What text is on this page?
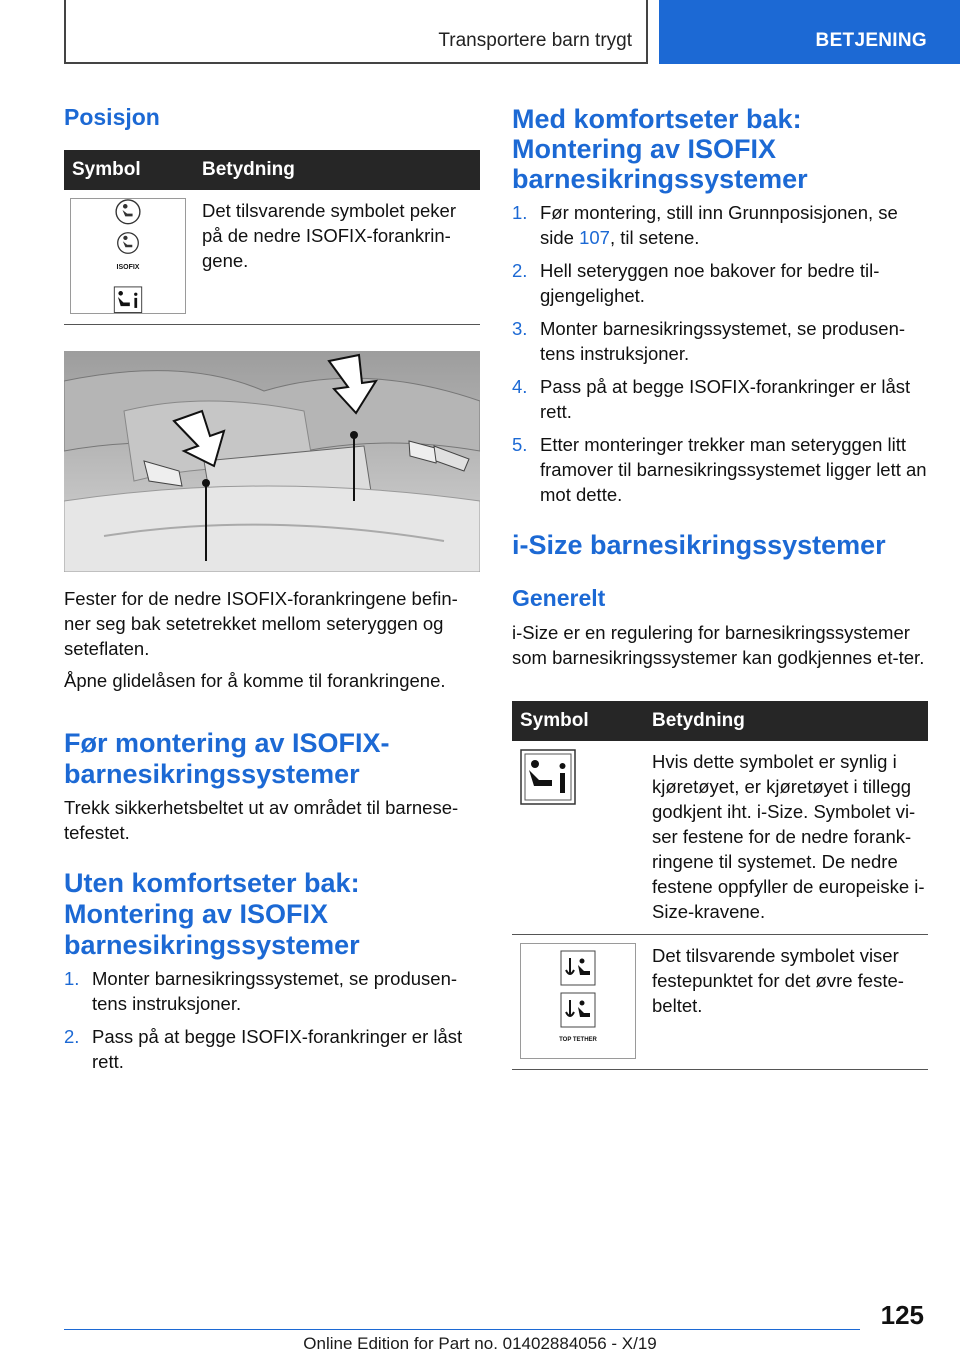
Transportere barn trygt	BETJENING
Posisjon
Symbol	Betydning

ISOFIX	Det tilsvarende symbolet peker på de nedre ISOFIX-forankrin-gene.
Fester for de nedre ISOFIX-forankringene befin-ner seg bak setetrekket mellom seteryggen og seteflaten.
Åpne glidelåsen for å komme til forankringene.
Før montering av ISOFIX-barnesikringssystemer
Trekk sikkerhetsbeltet ut av området til barnese-tefestet.
Uten komfortseter bak: Montering av ISOFIX barnesikringssystemer
1. Monter barnesikringssystemet, se produsen-tens instruksjoner.
2. Pass på at begge ISOFIX-forankringer er låst rett.
Med komfortseter bak: Montering av ISOFIX barnesikringssystemer
1. Før montering, still inn Grunnposisjonen, se side 107, til setene.
2. Hell seteryggen noe bakover for bedre til-gjengelighet.
3. Monter barnesikringssystemet, se produsen-tens instruksjoner.
4. Pass på at begge ISOFIX-forankringer er låst rett.
5. Etter monteringer trekker man seteryggen litt framover til barnesikringssystemet ligger lett an mot dette.
i-Size barnesikringssystemer
Generelt
i-Size er en regulering for barnesikringssystemer som barnesikringssystemer kan godkjennes et-ter.
Symbol	Betydning
	Hvis dette symbolet er synlig i kjøretøyet, er kjøretøyet i tillegg godkjent iht. i-Size. Symbolet vi-ser festene for de nedre forank-ringene til systemet. De nedre festene oppfyller de europeiske i-Size-kravene.

TOP TETHER	Det tilsvarende symbolet viser festepunktet for det øvre feste-beltet.
125
Online Edition for Part no. 01402884056 - X/19
